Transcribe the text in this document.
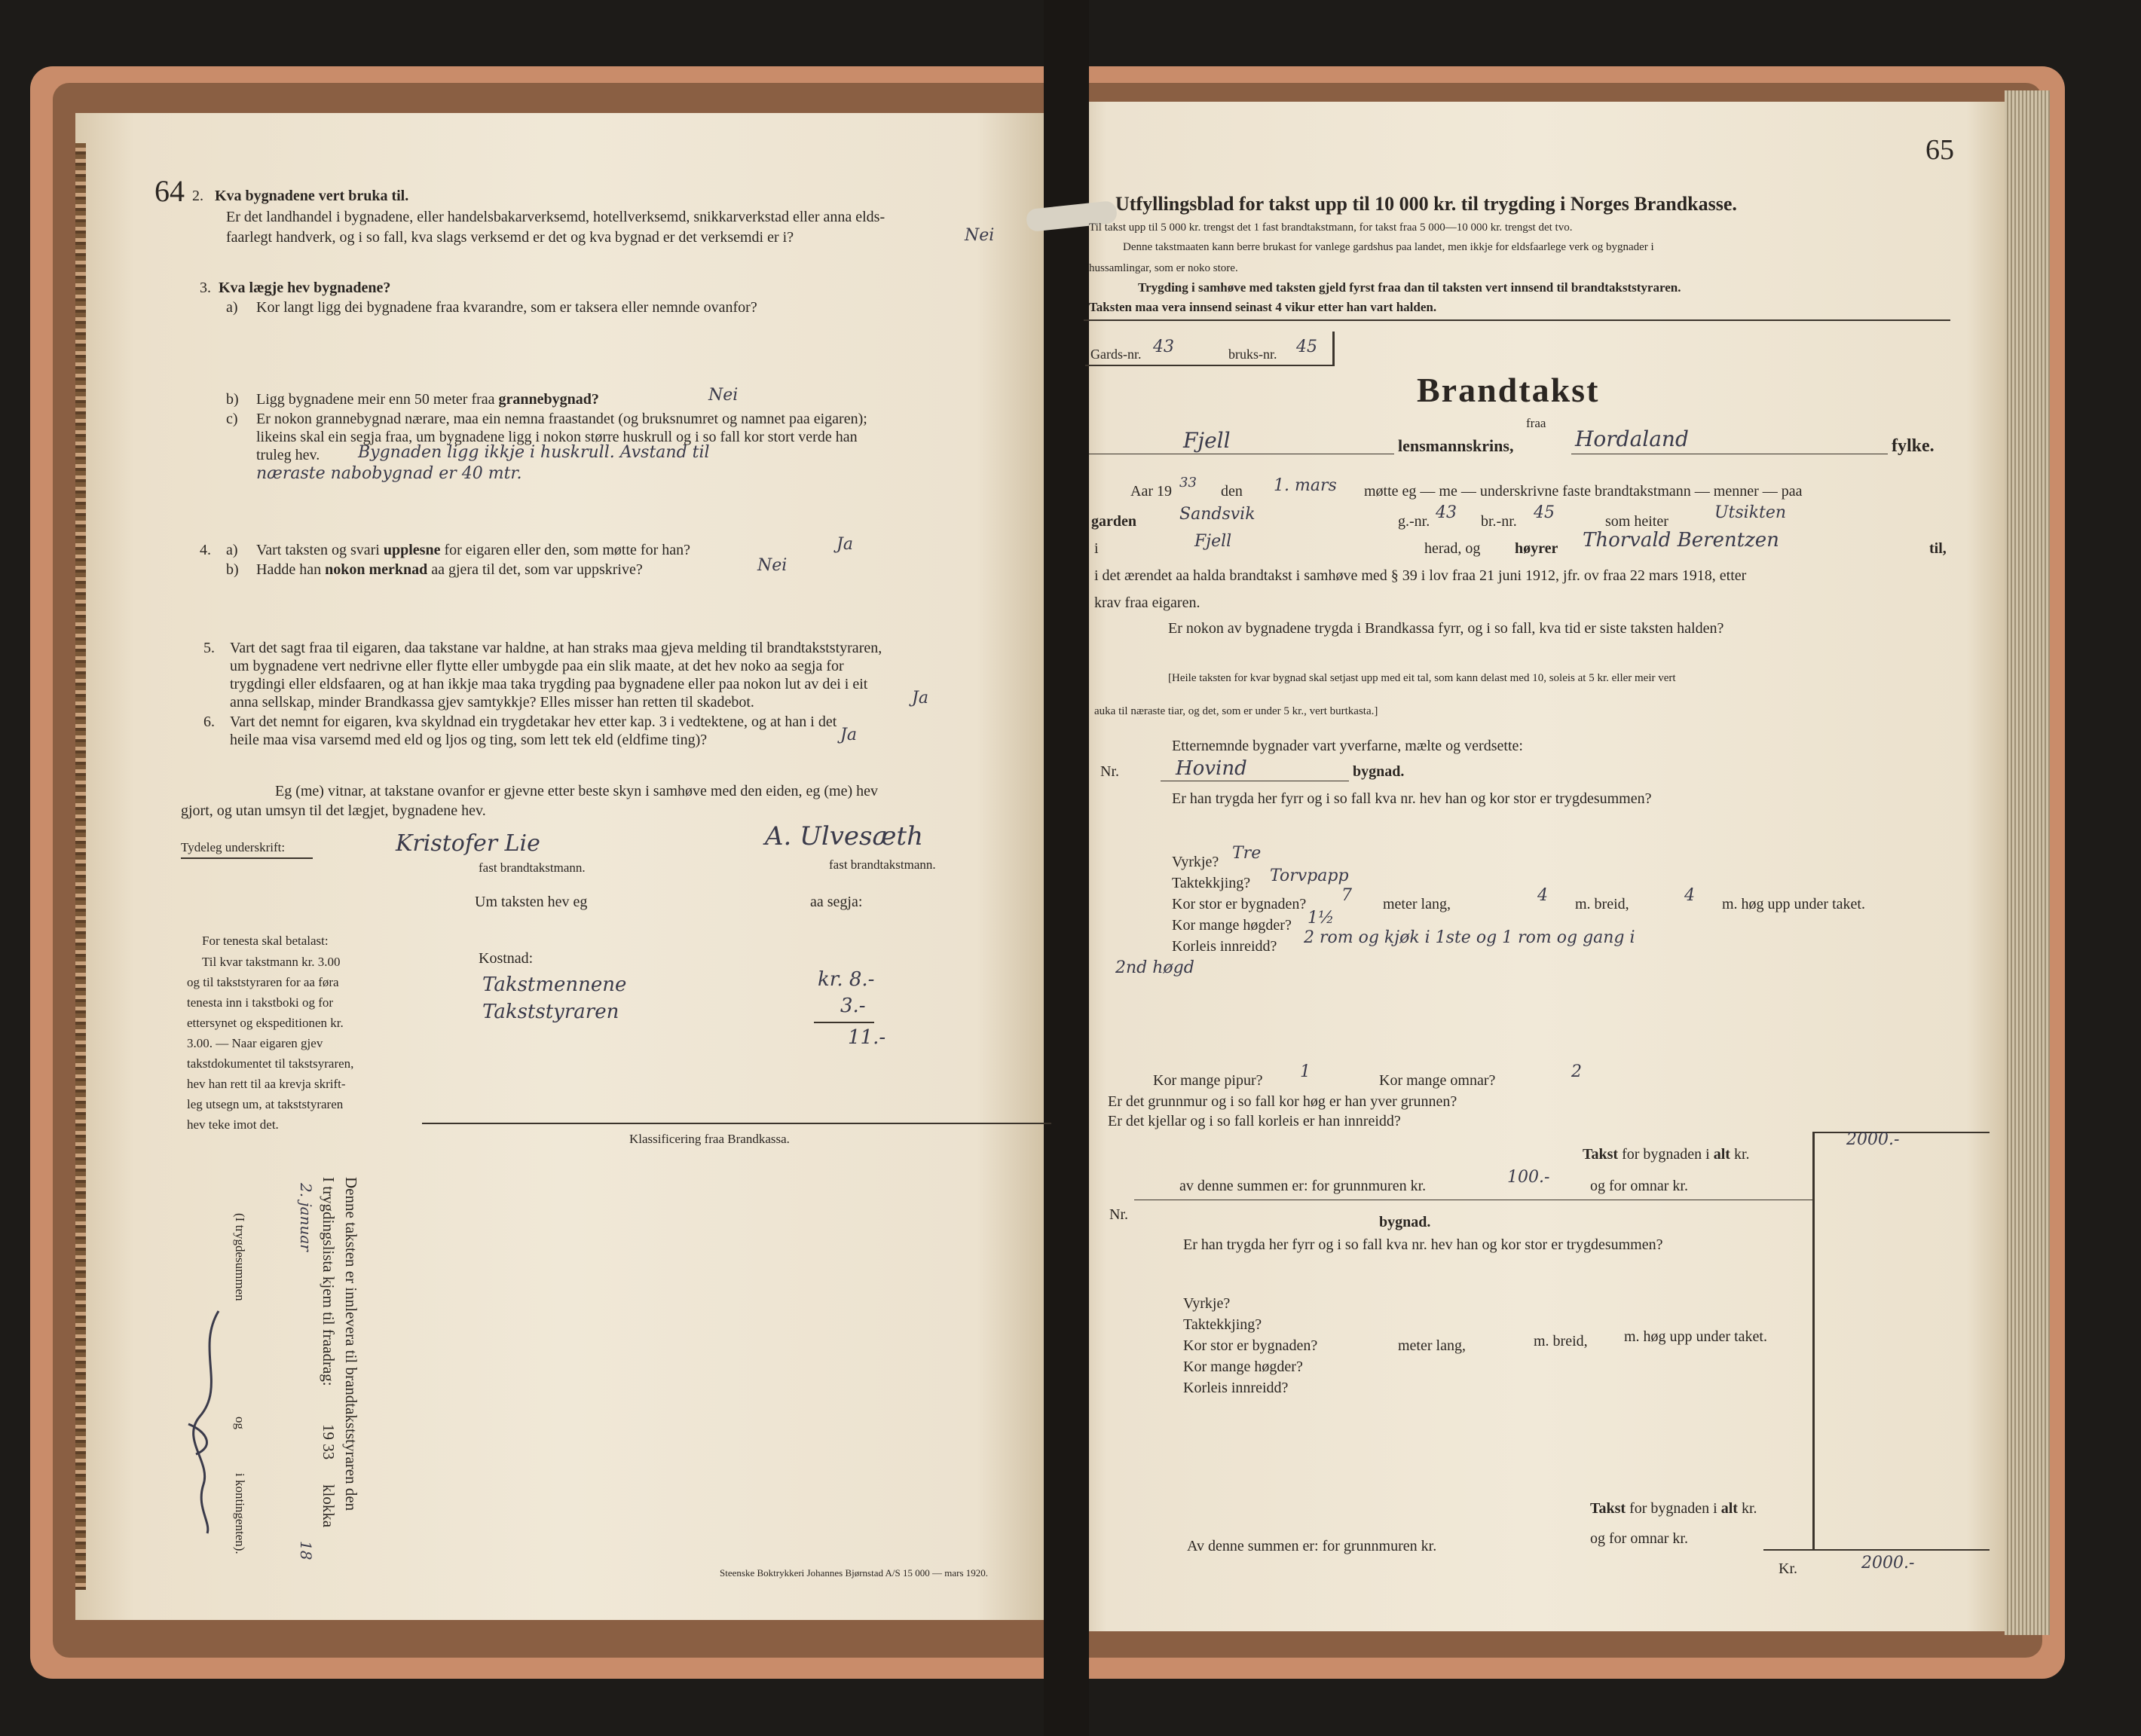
64 2. Kva bygnadene vert bruka til.
Er det landhandel i bygnadene, eller handelsbakarverksemd, hotellverksemd, snikkarverkstad eller anna elds-
faarlegt handverk, og i so fall, kva slags verksemd er det og kva bygnad er det verksemdi er i?	Nei
3. Kva lægje hev bygnadene?
a) Kor langt ligg dei bygnadene fraa kvarandre, som er taksera eller nemnde ovanfor?
b) Ligg bygnadene meir enn 50 meter fraa grannebygnad?	Nei
c) Er nokon grannebygnad nærare, maa ein nemna fraastandet (og bruksnumret og namnet paa eigaren);
likeins skal ein segja fraa, um bygnadene ligg i nokon større huskrull og i so fall kor stort verde han
truleg hev. Bygnaden ligg ikkje i huskrull. Avstand til
næraste nabobygnad er 40 mtr.
4. a) Vart taksten og svari upplesne for eigaren eller den, som møtte for han?	Ja
b) Hadde han nokon merknad aa gjera til det, som var uppskrive?	Nei
5. Vart det sagt fraa til eigaren, daa takstane var haldne, at han straks maa gjeva melding til brandtakststyraren,
um bygnadene vert nedrivne eller flytte eller umbygde paa ein slik maate, at det hev noko aa segja for
trygdingi eller eldsfaaren, og at han ikkje maa taka trygding paa bygnadene eller paa nokon lut av dei i eit
anna sellskap, minder Brandkassa gjev samtykkje? Elles misser han retten til skadebot.	Ja
6. Vart det nemnt for eigaren, kva skyldnad ein trygdetakar hev etter kap. 3 i vedtektene, og at han i det
heile maa visa varsemd med eld og ljos og ting, som lett tek eld (eldfime ting)?	Ja
Eg (me) vitnar, at takstane ovanfor er gjevne etter beste skyn i samhøve med den eiden, eg (me) hev
gjort, og utan umsyn til det lægjet, bygnadene hev.
Tydeleg underskrift:	Kristofer Lie	A. Ulvesæth
fast brandtakstmann.	fast brandtakstmann.
Um taksten hev eg	aa segja:
For tenesta skal betalast:
Til kvar takstmann kr. 3.00
og til takststyraren for aa føra
tenesta inn i takstboki og for
ettersynet og ekspeditionen kr.
3.00. — Naar eigaren gjev
takstdokumentet til takstsyraren,
hev han rett til aa krevja skrift-
leg utsegn um, at takststyraren
hev teke imot det.
Kostnad:
Takstmennene	kr. 8.-
Takststyraren	3.-
11.-
Klassificering fraa Brandkassa.
Denne taksten er innlevera til brandtakststyraren den
I trygdingslista kjem til fraadrag:
2. januar
19 33
klokka
18
(I trygdesummen
og
i kontingenten).
Steenske Boktrykkeri Johannes Bjørnstad A/S 15 000 — mars 1920.
65
Utfyllingsblad for takst upp til 10 000 kr. til trygding i Norges Brandkasse.
Til takst upp til 5 000 kr. trengst det 1 fast brandtakstmann, for takst fraa 5 000—10 000 kr. trengst det tvo.
Denne takstmaaten kann berre brukast for vanlege gardshus paa landet, men ikkje for eldsfaarlege verk og bygnader i
hussamlingar, som er noko store.
Trygding i samhøve med taksten gjeld fyrst fraa dan til taksten vert innsend til brandtakststyraren.
Taksten maa vera innsend seinast 4 vikur etter han vart halden.
Gards-nr. 43	bruks-nr. 45
Brandtakst
fraa
Fjell	lensmannskrins,	Hordaland	fylke.
Aar 19
33
den 1. mars møtte eg — me — underskrivne faste brandtakstmann — menner — paa
garden	Sandsvik	g.-nr. 43 br.-nr. 45	som heiter	Utsikten
i	Fjell	herad, og høyrer Thorvald Berentzen	til,
i det ærendet aa halda brandtakst i samhøve med § 39 i lov fraa 21 juni 1912, jfr. ov fraa 22 mars 1918, etter
krav fraa eigaren.
Er nokon av bygnadene trygda i Brandkassa fyrr, og i so fall, kva tid er siste taksten halden?
[Heile taksten for kvar bygnad skal setjast upp med eit tal, som kann delast med 10, soleis at 5 kr. eller meir vert
auka til næraste tiar, og det, som er under 5 kr., vert burtkasta.]
Etternemnde bygnader vart yverfarne, mælte og verdsette:
Nr.	Hovind	bygnad.
Er han trygda her fyrr og i so fall kva nr. hev han og kor stor er trygdesummen?
Vyrkje? Tre
Taktekkjing? Torvpapp
Kor stor er bygnaden? 7 meter lang,	4 m. breid,	4 m. høg upp under taket.
Kor mange høgder? 1½
Korleis innreidd? 2 rom og kjøk i 1ste og 1 rom og gang i
2nd høgd
Kor mange pipur? 1	Kor mange omnar?	2
Er det grunnmur og i so fall kor høg er han yver grunnen?
Er det kjellar og i so fall korleis er han innreidd?
2000.-
Takst for bygnaden i alt kr.
av denne summen er: for grunnmuren kr.	100.-	og for omnar kr.
Nr.	bygnad.
Er han trygda her fyrr og i so fall kva nr. hev han og kor stor er trygdesummen?
Vyrkje?
Taktekkjing?
Kor stor er bygnaden?	meter lang,	m. breid, m. høg upp under taket.
Kor mange høgder?
Korleis innreidd?
Takst for bygnaden i alt kr.
Av denne summen er: for grunnmuren kr.	og for omnar kr.
Kr.	2000.-
